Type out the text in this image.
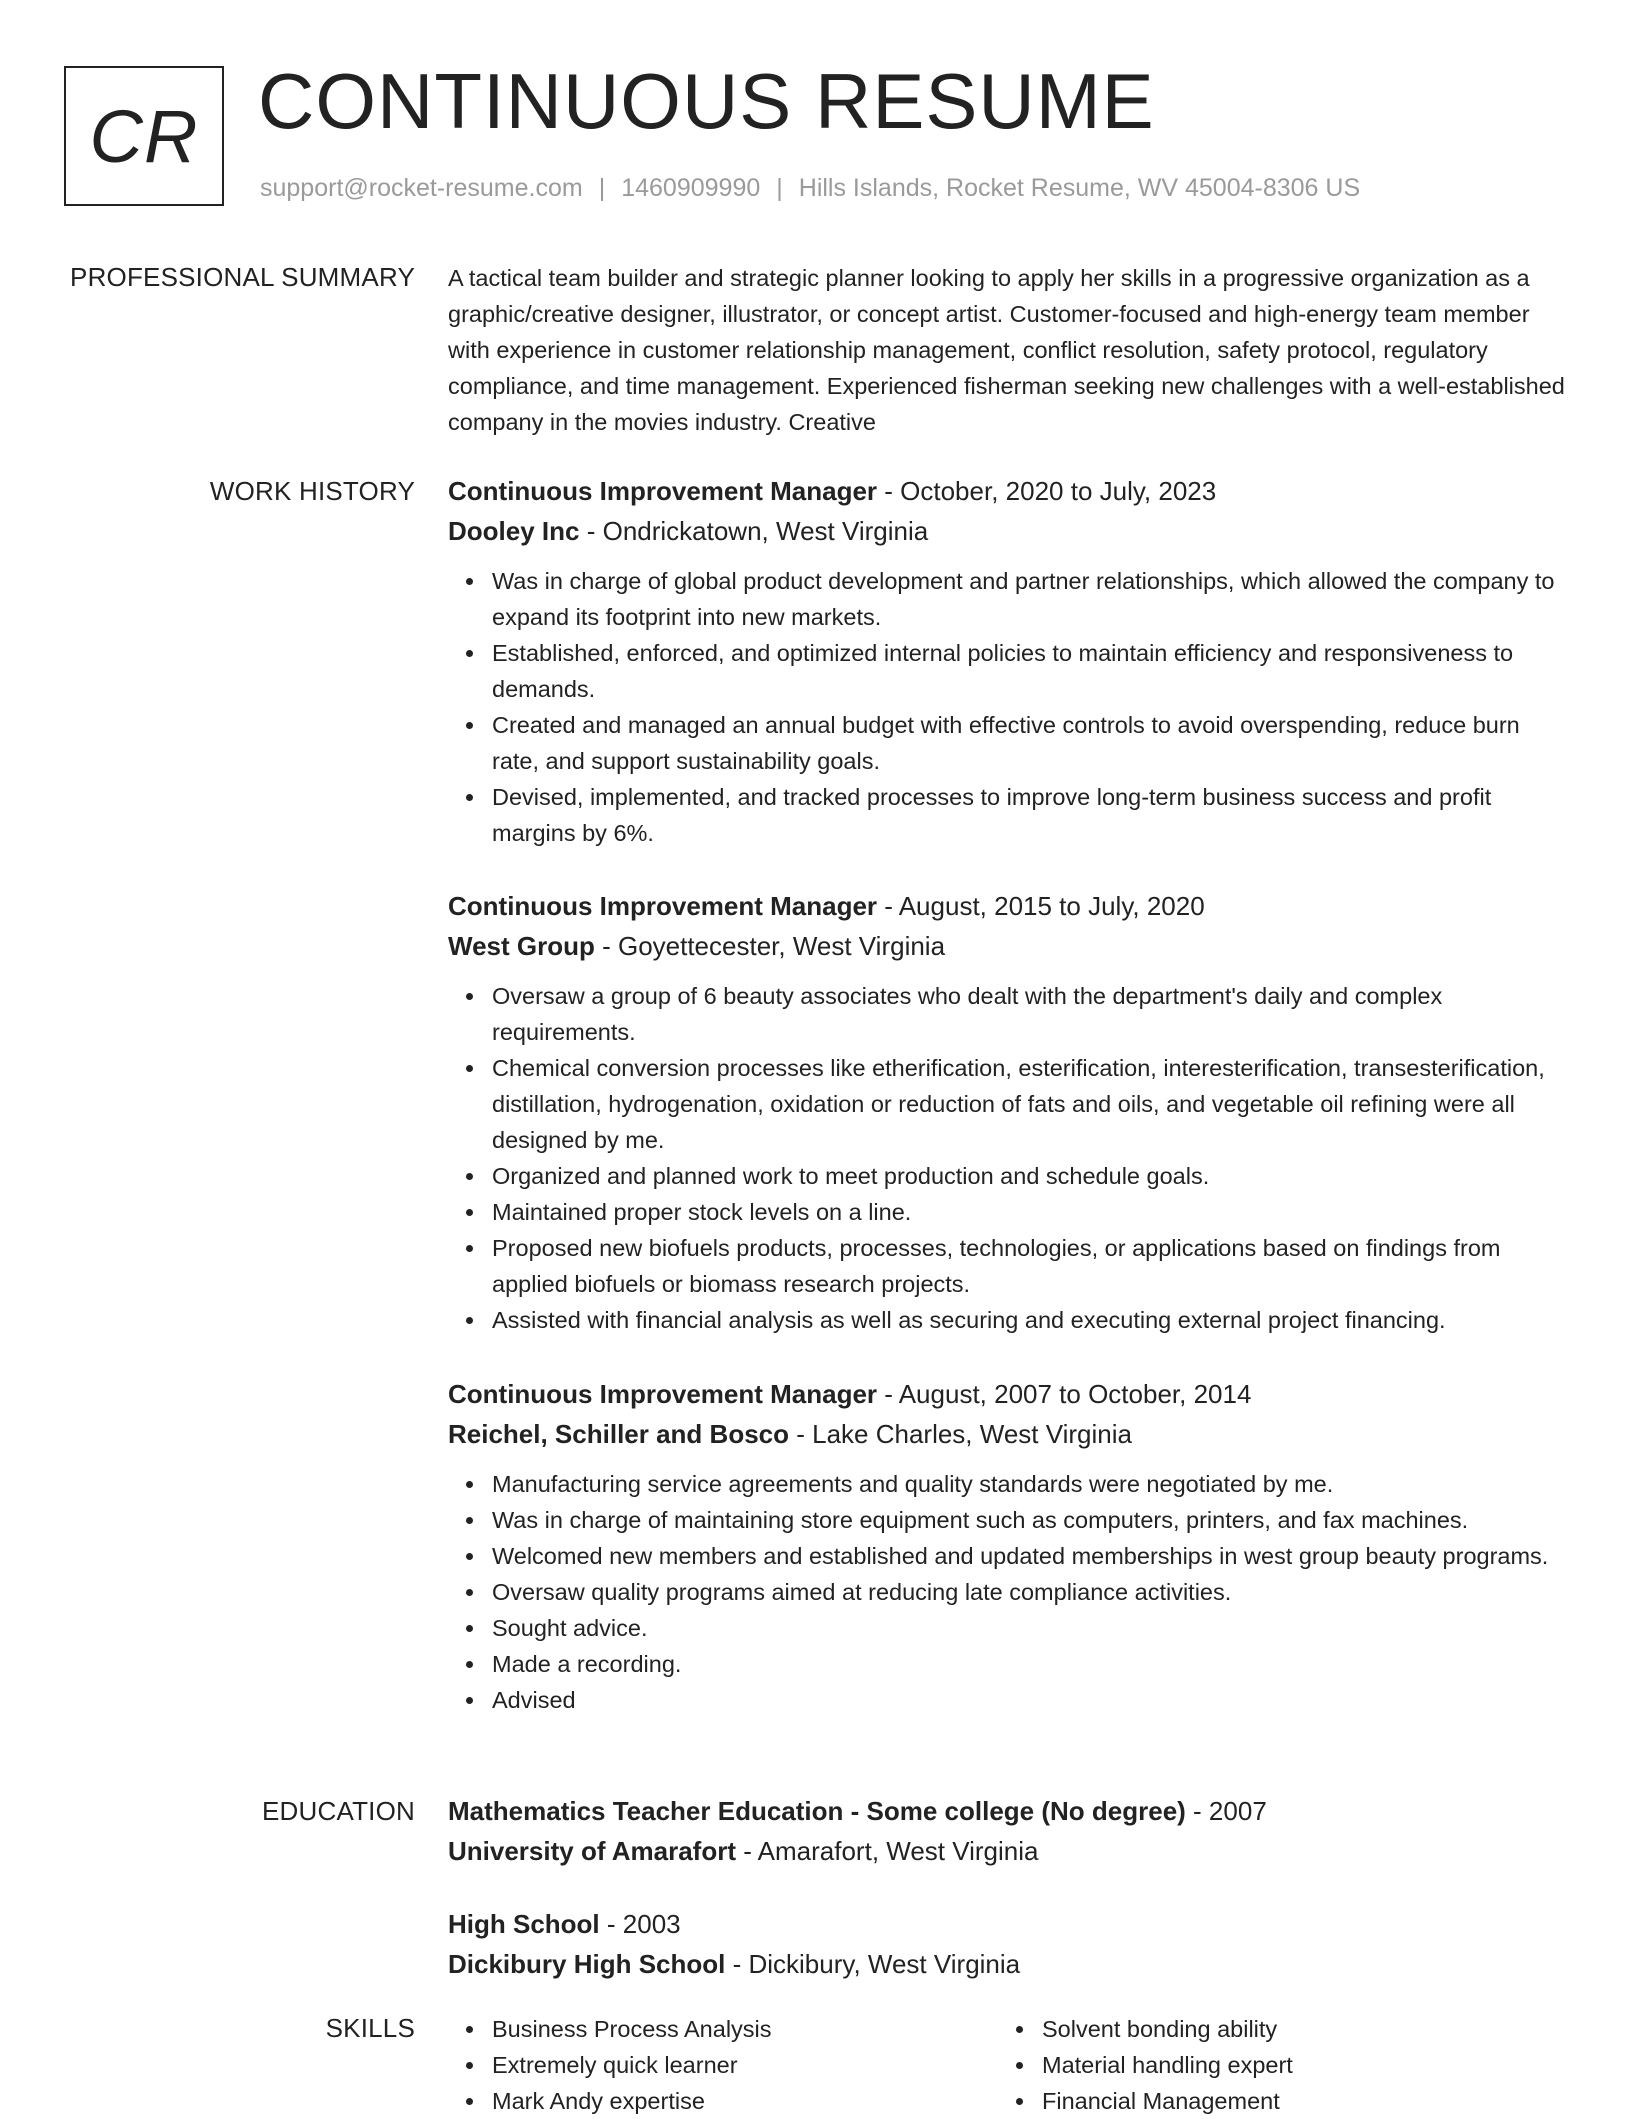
CR CONTINUOUS RESUME
support@rocket-resume.com | 1460909990 | Hills Islands, Rocket Resume, WV 45004-8306 US
PROFESSIONAL SUMMARY A tactical team builder and strategic planner looking to apply her skills in a progressive organization as a graphic/creative designer, illustrator, or concept artist. Customer-focused and high-energy team member with experience in customer relationship management, conflict resolution, safety protocol, regulatory compliance, and time management. Experienced fisherman seeking new challenges with a well-established company in the movies industry. Creative
WORK HISTORY Continuous Improvement Manager - October, 2020 to July, 2023
Dooley Inc - Ondrickatown, West Virginia
Was in charge of global product development and partner relationships, which allowed the company to expand its footprint into new markets.
Established, enforced, and optimized internal policies to maintain efficiency and responsiveness to demands.
Created and managed an annual budget with effective controls to avoid overspending, reduce burn rate, and support sustainability goals.
Devised, implemented, and tracked processes to improve long-term business success and profit margins by 6%.
Continuous Improvement Manager - August, 2015 to July, 2020
West Group - Goyettecester, West Virginia
Oversaw a group of 6 beauty associates who dealt with the department's daily and complex requirements.
Chemical conversion processes like etherification, esterification, interesterification, transesterification, distillation, hydrogenation, oxidation or reduction of fats and oils, and vegetable oil refining were all designed by me.
Organized and planned work to meet production and schedule goals.
Maintained proper stock levels on a line.
Proposed new biofuels products, processes, technologies, or applications based on findings from applied biofuels or biomass research projects.
Assisted with financial analysis as well as securing and executing external project financing.
Continuous Improvement Manager - August, 2007 to October, 2014
Reichel, Schiller and Bosco - Lake Charles, West Virginia
Manufacturing service agreements and quality standards were negotiated by me.
Was in charge of maintaining store equipment such as computers, printers, and fax machines.
Welcomed new members and established and updated memberships in west group beauty programs.
Oversaw quality programs aimed at reducing late compliance activities.
Sought advice.
Made a recording.
Advised
EDUCATION Mathematics Teacher Education - Some college (No degree) - 2007
University of Amarafort - Amarafort, West Virginia
High School - 2003
Dickibury High School - Dickibury, West Virginia
SKILLS	Business Process Analysis
Extremely quick learner
Mark Andy expertise
Solvent bonding ability
Material handling expert
Financial Management
